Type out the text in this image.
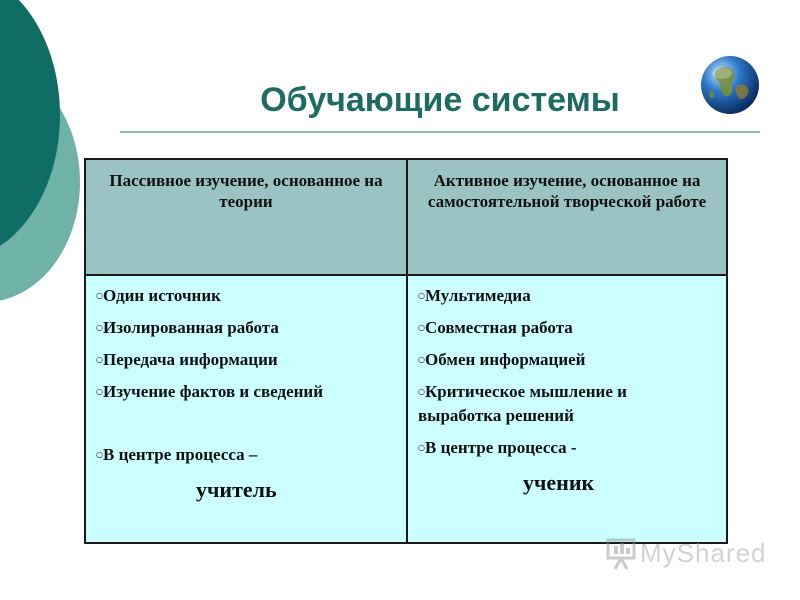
Обучающие системы
Пассивное изучение, основанное на теории
Активное изучение, основанное на самостоятельной творческой работе
○Один источник
○Изолированная работа
○Передача информации
○Изучение фактов и сведений
○В центре процесса –
учитель
○Мультимедиа
○Совместная работа
○Обмен информацией
○Критическое мышление и
выработка решений
○В центре процесса -
ученик
MyShared
